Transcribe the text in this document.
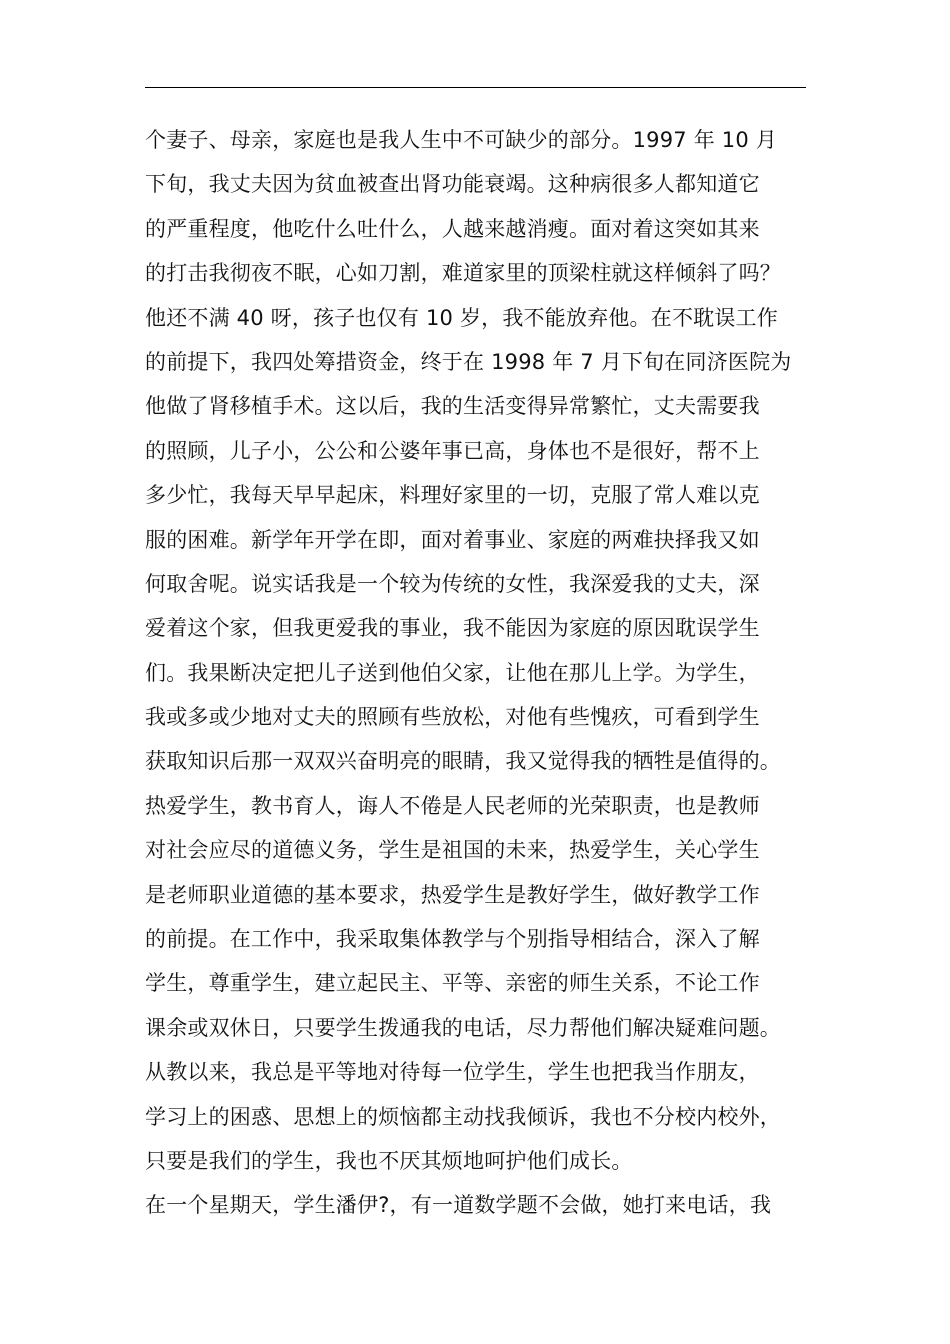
个妻子、母亲，家庭也是我人生中不可缺少的部分。1997 年 10 月
下旬，我丈夫因为贫血被查出肾功能衰竭。这种病很多人都知道它
的严重程度，他吃什么吐什么，人越来越消瘦。面对着这突如其来
的打击我彻夜不眠，心如刀割，难道家里的顶梁柱就这样倾斜了吗？
他还不满 40 呀，孩子也仅有 10 岁，我不能放弃他。在不耽误工作
的前提下，我四处筹措资金，终于在 1998 年 7 月下旬在同济医院为
他做了肾移植手术。这以后，我的生活变得异常繁忙，丈夫需要我
的照顾，儿子小，公公和公婆年事已高，身体也不是很好，帮不上
多少忙，我每天早早起床，料理好家里的一切，克服了常人难以克
服的困难。新学年开学在即，面对着事业、家庭的两难抉择我又如
何取舍呢。说实话我是一个较为传统的女性，我深爱我的丈夫，深
爱着这个家，但我更爱我的事业，我不能因为家庭的原因耽误学生
们。我果断决定把儿子送到他伯父家，让他在那儿上学。为学生，
我或多或少地对丈夫的照顾有些放松，对他有些愧疚，可看到学生
获取知识后那一双双兴奋明亮的眼睛，我又觉得我的牺牲是值得的。
热爱学生，教书育人，诲人不倦是人民老师的光荣职责，也是教师
对社会应尽的道德义务，学生是祖国的未来，热爱学生，关心学生
是老师职业道德的基本要求，热爱学生是教好学生，做好教学工作
的前提。在工作中，我采取集体教学与个别指导相结合，深入了解
学生，尊重学生，建立起民主、平等、亲密的师生关系，不论工作
课余或双休日，只要学生拨通我的电话，尽力帮他们解决疑难问题。
从教以来，我总是平等地对待每一位学生，学生也把我当作朋友，
学习上的困惑、思想上的烦恼都主动找我倾诉，我也不分校内校外，
只要是我们的学生，我也不厌其烦地呵护他们成长。
在一个星期天，学生潘伊?，有一道数学题不会做，她打来电话，我
